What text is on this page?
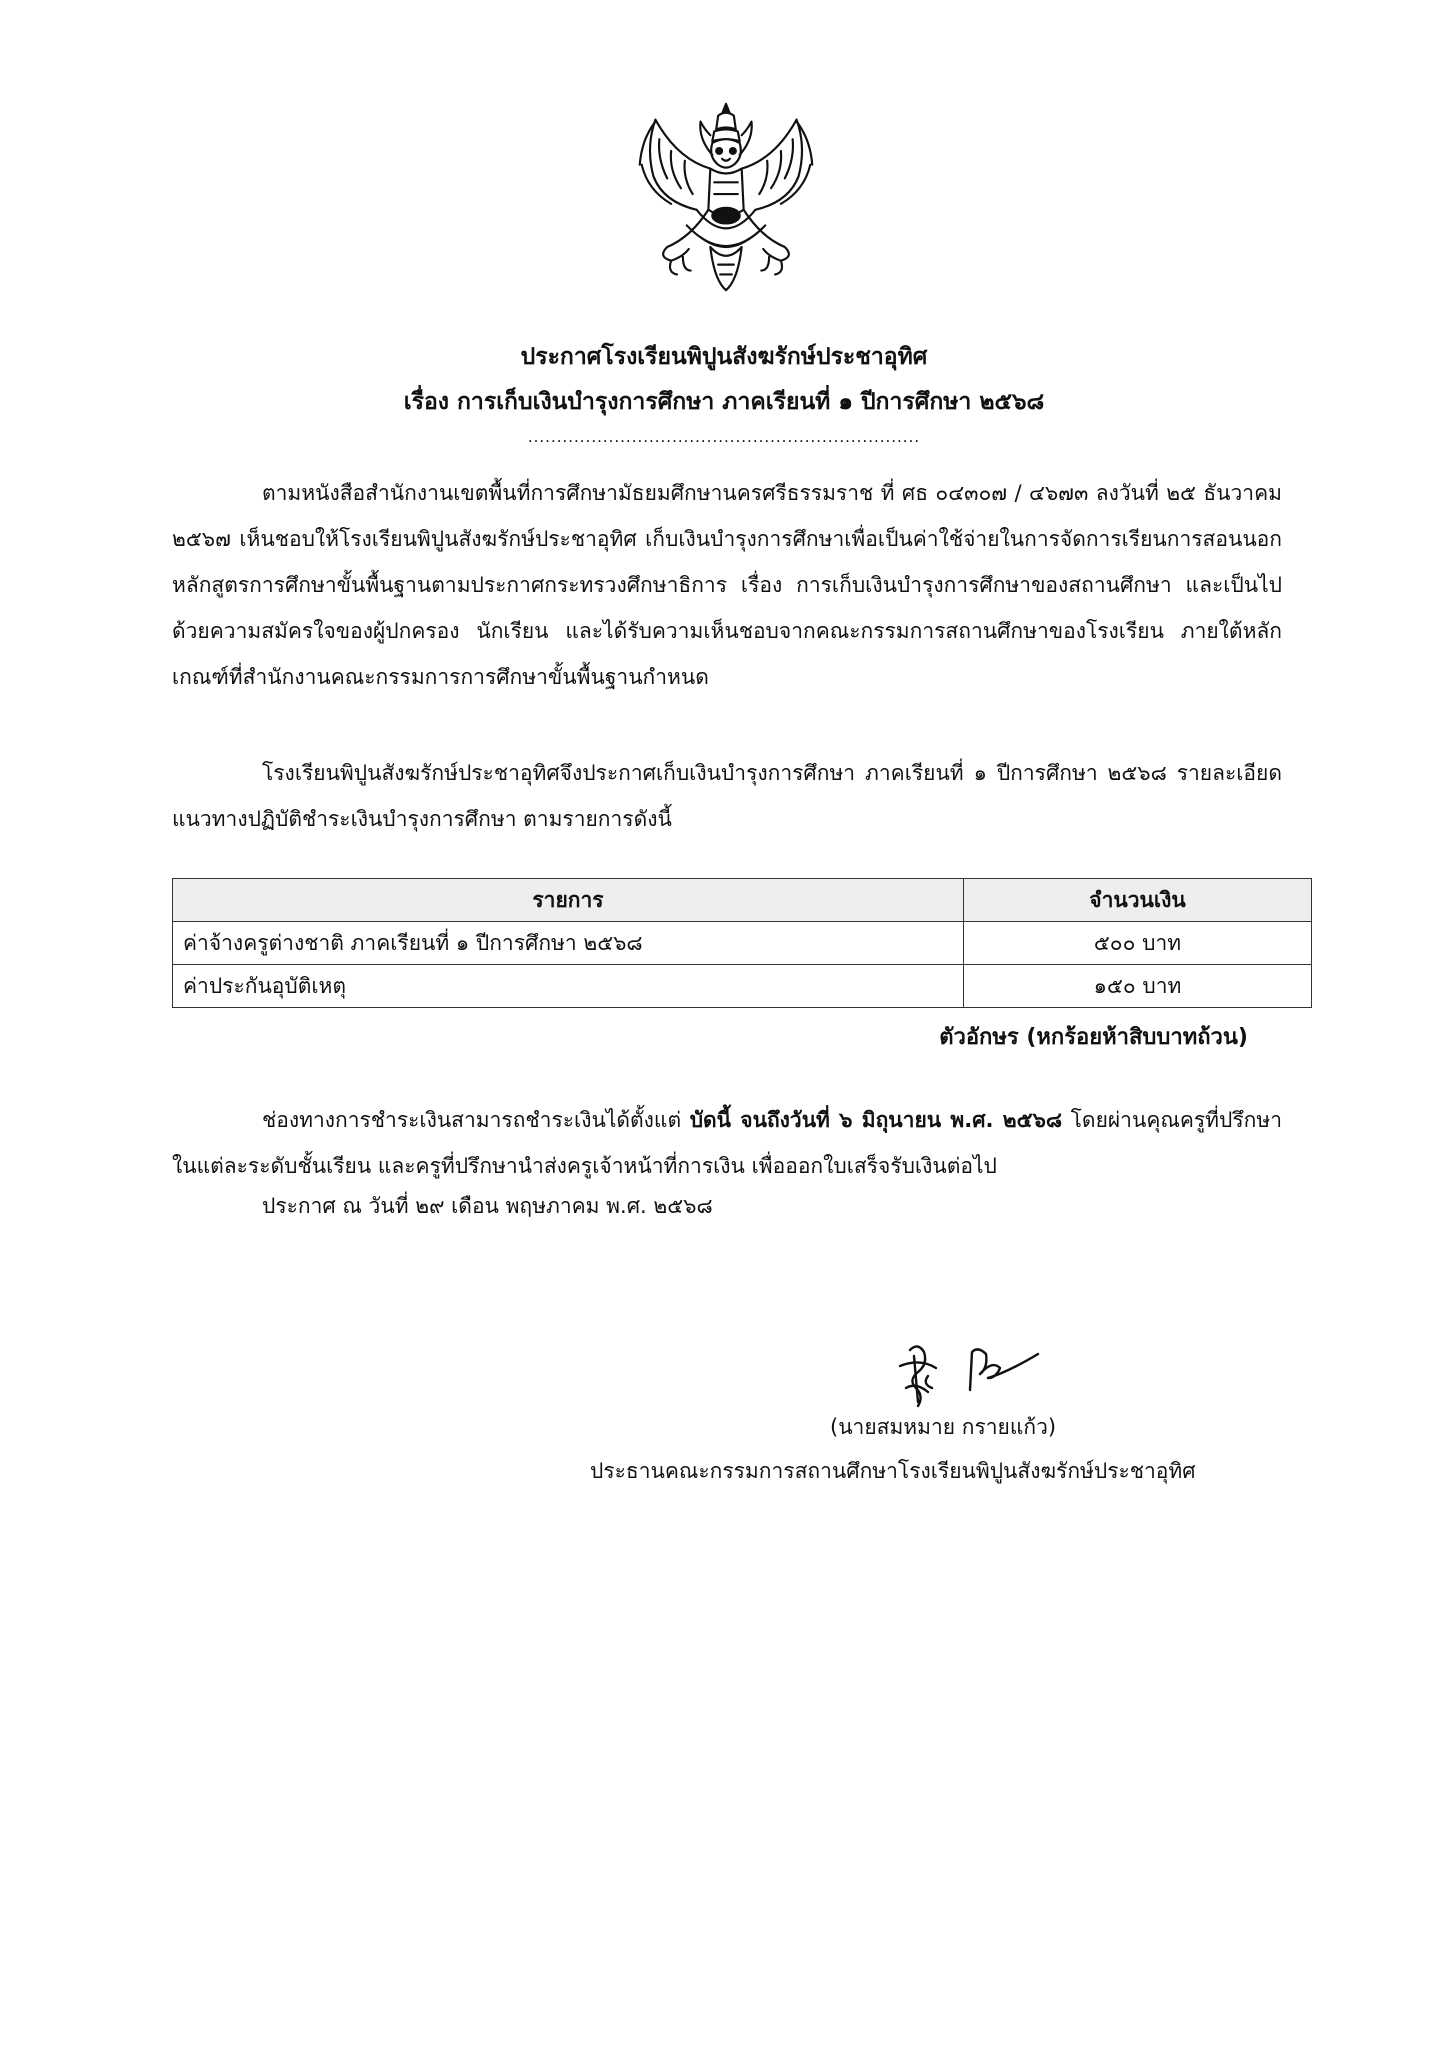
ประกาศโรงเรียนพิปูนสังฆรักษ์ประชาอุทิศ
เรื่อง การเก็บเงินบำรุงการศึกษา ภาคเรียนที่ ๑ ปีการศึกษา ๒๕๖๘
....................................................................

ตามหนังสือสำนักงานเขตพื้นที่การศึกษามัธยมศึกษานครศรีธรรมราช ที่ ศธ ๐๔๓๐๗ / ๔๖๗๓ ลงวันที่ ๒๕ ธันวาคม ๒๕๖๗ เห็นชอบให้โรงเรียนพิปูนสังฆรักษ์ประชาอุทิศ เก็บเงินบำรุงการศึกษาเพื่อเป็นค่าใช้จ่ายในการจัดการเรียนการสอนนอกหลักสูตรการศึกษาขั้นพื้นฐานตามประกาศกระทรวงศึกษาธิการ เรื่อง การเก็บเงินบำรุงการศึกษาของสถานศึกษา และเป็นไปด้วยความสมัครใจของผู้ปกครอง นักเรียน และได้รับความเห็นชอบจากคณะกรรมการสถานศึกษาของโรงเรียน ภายใต้หลักเกณฑ์ที่สำนักงานคณะกรรมการการศึกษาขั้นพื้นฐานกำหนด

โรงเรียนพิปูนสังฆรักษ์ประชาอุทิศจึงประกาศเก็บเงินบำรุงการศึกษา ภาคเรียนที่ ๑ ปีการศึกษา ๒๕๖๘ รายละเอียดแนวทางปฏิบัติชำระเงินบำรุงการศึกษา ตามรายการดังนี้

รายการ	จำนวนเงิน
ค่าจ้างครูต่างชาติ ภาคเรียนที่ ๑ ปีการศึกษา ๒๕๖๘	๕๐๐ บาท
ค่าประกันอุบัติเหตุ	๑๕๐ บาท
ตัวอักษร (หกร้อยห้าสิบบาทถ้วน)

ช่องทางการชำระเงินสามารถชำระเงินได้ตั้งแต่ บัดนี้ จนถึงวันที่ ๖ มิถุนายน พ.ศ. ๒๕๖๘ โดยผ่านคุณครูที่ปรึกษาในแต่ละระดับชั้นเรียน และครูที่ปรึกษานำส่งครูเจ้าหน้าที่การเงิน เพื่อออกใบเสร็จรับเงินต่อไป

ประกาศ ณ วันที่ ๒๙ เดือน พฤษภาคม พ.ศ. ๒๕๖๘
(นายสมหมาย กรายแก้ว)
ประธานคณะกรรมการสถานศึกษาโรงเรียนพิปูนสังฆรักษ์ประชาอุทิศ
